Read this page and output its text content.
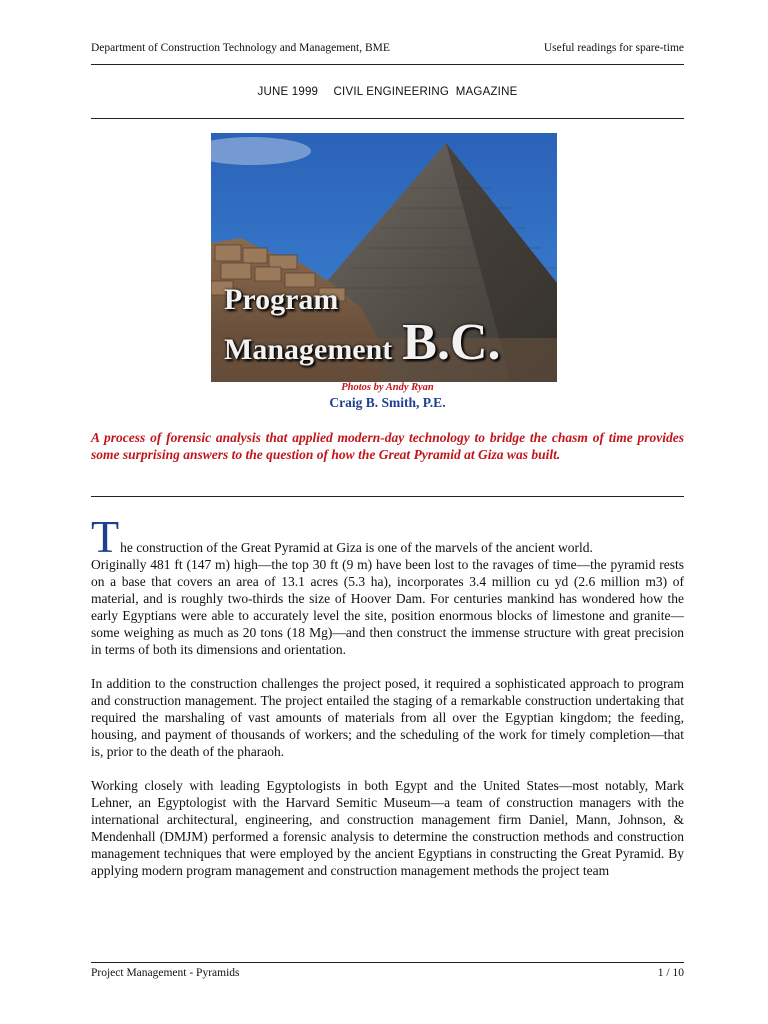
Department of Construction Technology and Management, BME	Useful readings for spare-time
JUNE 1999 CIVIL ENGINEERING  MAGAZINE
Program
Management B.C.
Photos by Andy Ryan
Craig B. Smith, P.E.

A process of forensic analysis that applied modern-day technology to bridge the chasm of time provides some surprising answers to the question of how the Great Pyramid at Giza was built.

T he construction of the Great Pyramid at Giza is one of the marvels of the ancient world.
Originally 481 ft (147 m) high—the top 30 ft (9 m) have been lost to the ravages of time—the pyramid rests on a base that covers an area of 13.1 acres (5.3 ha), incorporates 3.4 million cu yd (2.6 million m3) of material, and is roughly two-thirds the size of Hoover Dam. For centuries mankind has wondered how the early Egyptians were able to accurately level the site, position enormous blocks of limestone and granite—some weighing as much as 20 tons (18 Mg)—and then construct the immense structure with great precision in terms of both its dimensions and orientation.

In addition to the construction challenges the project posed, it required a sophisticated approach to program and construction management. The project entailed the staging of a remarkable construction undertaking that required the marshaling of vast amounts of materials from all over the Egyptian kingdom; the feeding, housing, and payment of thousands of workers; and the scheduling of the work for timely completion—that is, prior to the death of the pharaoh.

Working closely with leading Egyptologists in both Egypt and the United States—most notably, Mark Lehner, an Egyptologist with the Harvard Semitic Museum—a team of construction managers with the international architectural, engineering, and construction management firm Daniel, Mann, Johnson, & Mendenhall (DMJM) performed a forensic analysis to determine the construction methods and construction management techniques that were employed by the ancient Egyptians in constructing the Great Pyramid. By applying modern program management and construction management methods the project team

Project Management - Pyramids	1 / 10
